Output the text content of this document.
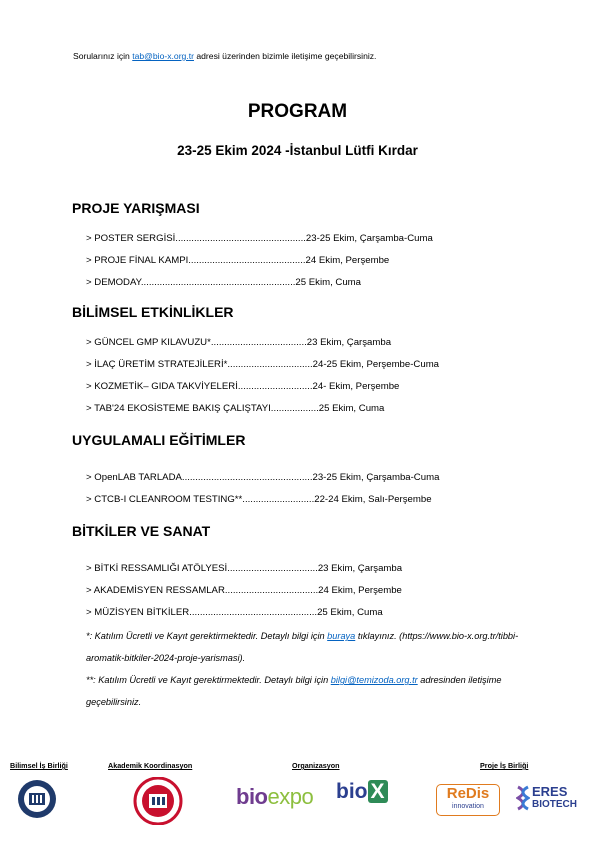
Sorularınız için tab@bio-x.org.tr adresi üzerinden bizimle iletişime geçebilirsiniz.
PROGRAM
23-25 Ekim 2024 -İstanbul Lütfi Kırdar
PROJE YARIŞMASI
> POSTER SERGİSİ.................................................23-25 Ekim, Çarşamba-Cuma
> PROJE FİNAL KAMPI............................................24 Ekim, Perşembe
> DEMODAY..........................................................25 Ekim, Cuma
BİLİMSEL ETKİNLİKLER
> GÜNCEL GMP KILAVUZU*....................................23 Ekim, Çarşamba
> İLAÇ ÜRETİM STRATEJİLERİ*................................24-25 Ekim, Perşembe-Cuma
> KOZMETİK– GIDA TAKVİYELERİ............................24- Ekim, Perşembe
> TAB'24 EKOSİSTEME BAKIŞ ÇALIŞTAYI..................25 Ekim, Cuma
UYGULAMALI EĞİTİMLER
> OpenLAB TARLADA.................................................23-25 Ekim, Çarşamba-Cuma
> CTCB-I CLEANROOM TESTING**...........................22-24 Ekim, Salı-Perşembe
BİTKİLER VE SANAT
> BİTKİ RESSAMLIĞI ATÖLYESİ..................................23 Ekim, Çarşamba
> AKADEMİSYEN RESSAMLAR...................................24 Ekim, Perşembe
> MÜZİSYEN BİTKİLER................................................25 Ekim, Cuma
*: Katılım Ücretli ve Kayıt gerektirmektedir. Detaylı bilgi için buraya tıklayınız. (https://www.bio-x.org.tr/tibbi-aromatik-bitkiler-2024-proje-yarismasi).
**: Katılım Ücretli ve Kayıt gerektirmektedir. Detaylı bilgi için bilgi@temizoda.org.tr adresinden iletişime geçebilirsiniz.
Bilimsel İş Birliği	Akademik Koordinasyon	Organizasyon	Proje İş Birliği
bioexpo bio X	ReDis
innovation
ERES
BIOTECH
